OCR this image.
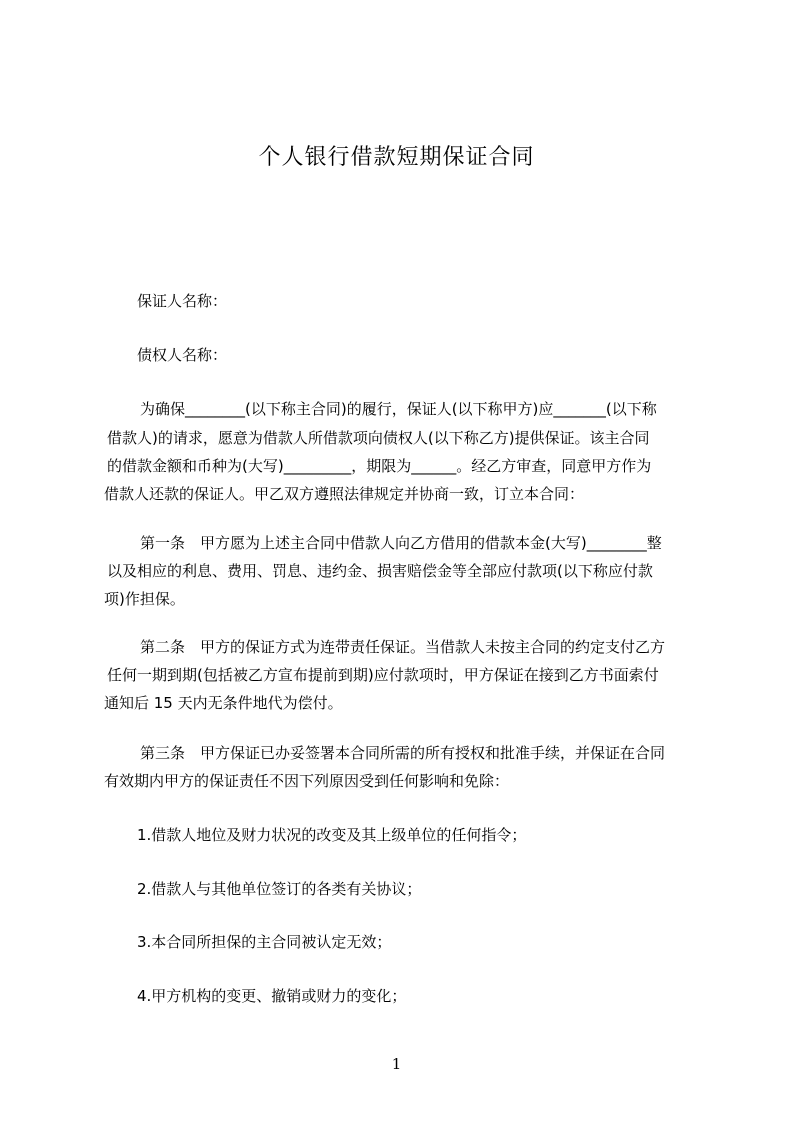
个人银行借款短期保证合同
保证人名称：
债权人名称：
为确保________(以下称主合同)的履行，保证人(以下称甲方)应_______(以下称
借款人)的请求，愿意为借款人所借款项向债权人(以下称乙方)提供保证。该主合同
的借款金额和币种为(大写)_________，期限为______。经乙方审查，同意甲方作为
借款人还款的保证人。甲乙双方遵照法律规定并协商一致，订立本合同：
第一条　甲方愿为上述主合同中借款人向乙方借用的借款本金(大写)________整
以及相应的利息、费用、罚息、违约金、损害赔偿金等全部应付款项(以下称应付款
项)作担保。
第二条　甲方的保证方式为连带责任保证。当借款人未按主合同的约定支付乙方
任何一期到期(包括被乙方宣布提前到期)应付款项时，甲方保证在接到乙方书面索付
通知后 15 天内无条件地代为偿付。
第三条　甲方保证已办妥签署本合同所需的所有授权和批准手续，并保证在合同
有效期内甲方的保证责任不因下列原因受到任何影响和免除：
1.借款人地位及财力状况的改变及其上级单位的任何指令；
2.借款人与其他单位签订的各类有关协议；
3.本合同所担保的主合同被认定无效；
4.甲方机构的变更、撤销或财力的变化；
1
